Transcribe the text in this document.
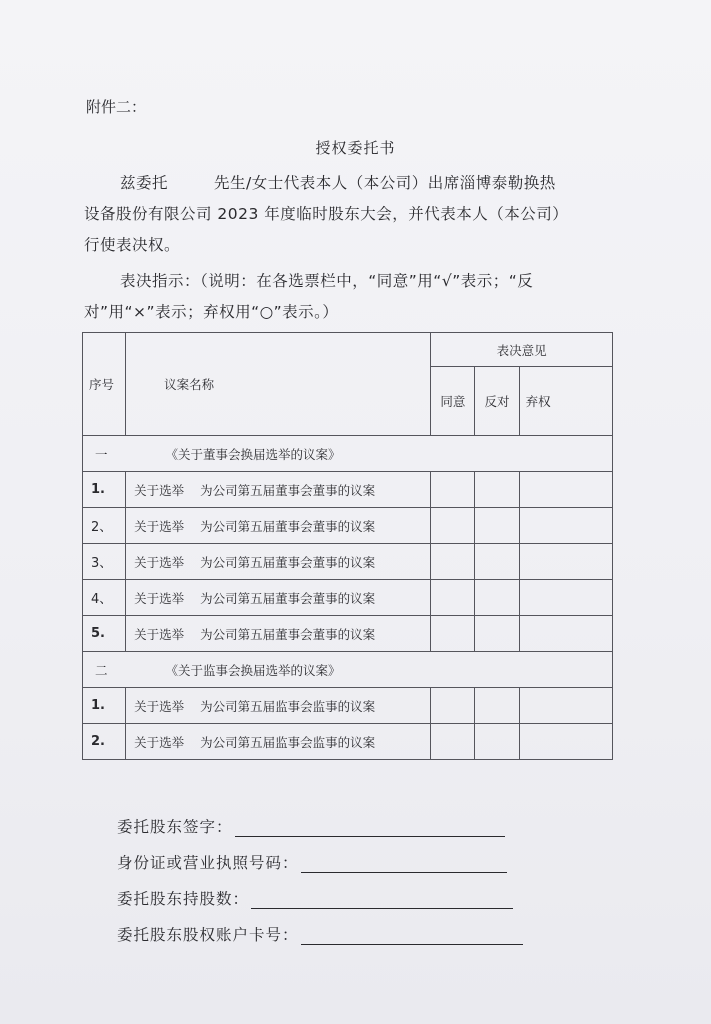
附件二：
授权委托书
兹委托	先生/女士代表本人（本公司）出席淄博泰勒换热
设备股份有限公司 2023 年度临时股东大会，并代表本人（本公司）
行使表决权。
表决指示：（说明：在各选票栏中，“同意”用“√”表示；“反
对”用“×”表示；弃权用“○”表示。）
序号	议案名称	表决意见		
		同意	反对	弃权
一 《关于董事会换届选举的议案》				
1.	关于选举 为公司第五届董事会董事的议案			
2、	关于选举 为公司第五届董事会董事的议案			
3、	关于选举 为公司第五届董事会董事的议案			
4、	关于选举 为公司第五届董事会董事的议案			
5.	关于选举 为公司第五届董事会董事的议案			
二 《关于监事会换届选举的议案》				
1.	关于选举 为公司第五届监事会监事的议案			
2.	关于选举 为公司第五届监事会监事的议案			
委托股东签字：
身份证或营业执照号码：
委托股东持股数：
委托股东股权账户卡号：
